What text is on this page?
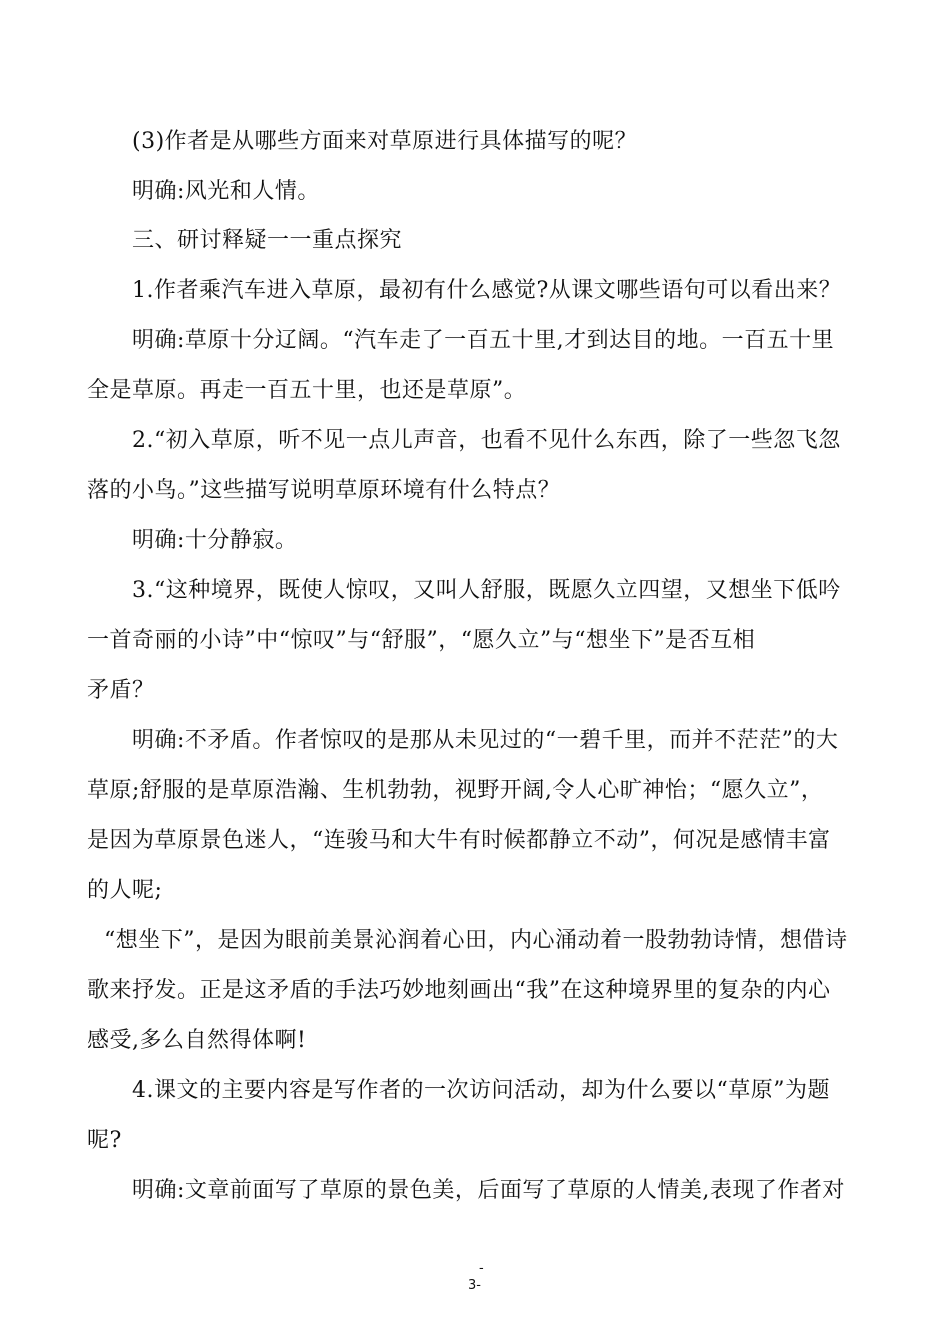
(3)作者是从哪些方面来对草原进行具体描写的呢？
明确:风光和人情。
三、研讨释疑一一重点探究
1.作者乘汽车进入草原，最初有什么感觉?从课文哪些语句可以看出来？
明确:草原十分辽阔。“汽车走了一百五十里,才到达目的地。一百五十里
全是草原。再走一百五十里，也还是草原”。
2.“初入草原，听不见一点儿声音，也看不见什么东西，除了一些忽飞忽
落的小鸟。”这些描写说明草原环境有什么特点？
明确:十分静寂。
3.“这种境界，既使人惊叹，又叫人舒服，既愿久立四望，又想坐下低吟
一首奇丽的小诗”中“惊叹”与“舒服”，“愿久立”与“想坐下”是否互相
矛盾？
明确:不矛盾。作者惊叹的是那从未见过的“一碧千里，而并不茫茫”的大
草原;舒服的是草原浩瀚、生机勃勃，视野开阔,令人心旷神怡；“愿久立”，
是因为草原景色迷人，“连骏马和大牛有时候都静立不动”，何况是感情丰富
的人呢;
“想坐下”，是因为眼前美景沁润着心田，内心涌动着一股勃勃诗情，想借诗
歌来抒发。正是这矛盾的手法巧妙地刻画出“我”在这种境界里的复杂的内心
感受,多么自然得体啊!
4.课文的主要内容是写作者的一次访问活动，却为什么要以“草原”为题
呢?
明确:文章前面写了草原的景色美，后面写了草原的人情美,表现了作者对
-
3-
